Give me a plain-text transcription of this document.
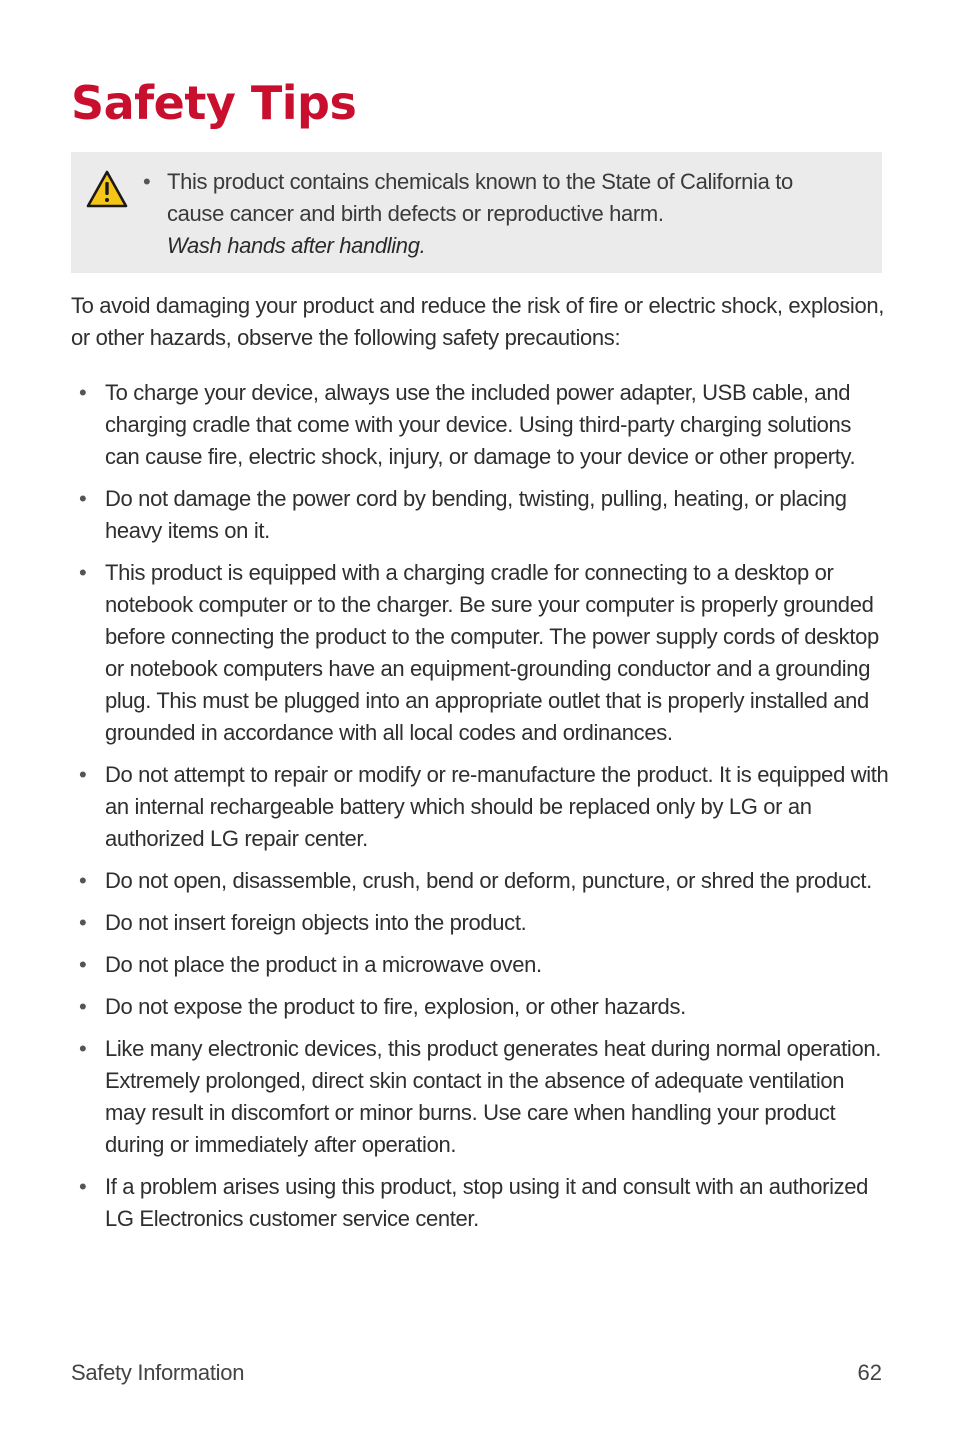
Safety Tips
• This product contains chemicals known to the State of California to cause cancer and birth defects or reproductive harm.
Wash hands after handling.

To avoid damaging your product and reduce the risk of fire or electric shock, explosion, or other hazards, observe the following safety precautions:

• To charge your device, always use the included power adapter, USB cable, and charging cradle that come with your device. Using third-party charging solutions can cause fire, electric shock, injury, or damage to your device or other property.
• Do not damage the power cord by bending, twisting, pulling, heating, or placing heavy items on it.
• This product is equipped with a charging cradle for connecting to a desktop or notebook computer or to the charger. Be sure your computer is properly grounded before connecting the product to the computer. The power supply cords of desktop or notebook computers have an equipment-grounding conductor and a grounding plug. This must be plugged into an appropriate outlet that is properly installed and grounded in accordance with all local codes and ordinances.
• Do not attempt to repair or modify or re-manufacture the product. It is equipped with an internal rechargeable battery which should be replaced only by LG or an authorized LG repair center.
• Do not open, disassemble, crush, bend or deform, puncture, or shred the product.
• Do not insert foreign objects into the product.
• Do not place the product in a microwave oven.
• Do not expose the product to fire, explosion, or other hazards.
• Like many electronic devices, this product generates heat during normal operation. Extremely prolonged, direct skin contact in the absence of adequate ventilation may result in discomfort or minor burns. Use care when handling your product during or immediately after operation.
• If a problem arises using this product, stop using it and consult with an authorized LG Electronics customer service center.
Safety Information	62
